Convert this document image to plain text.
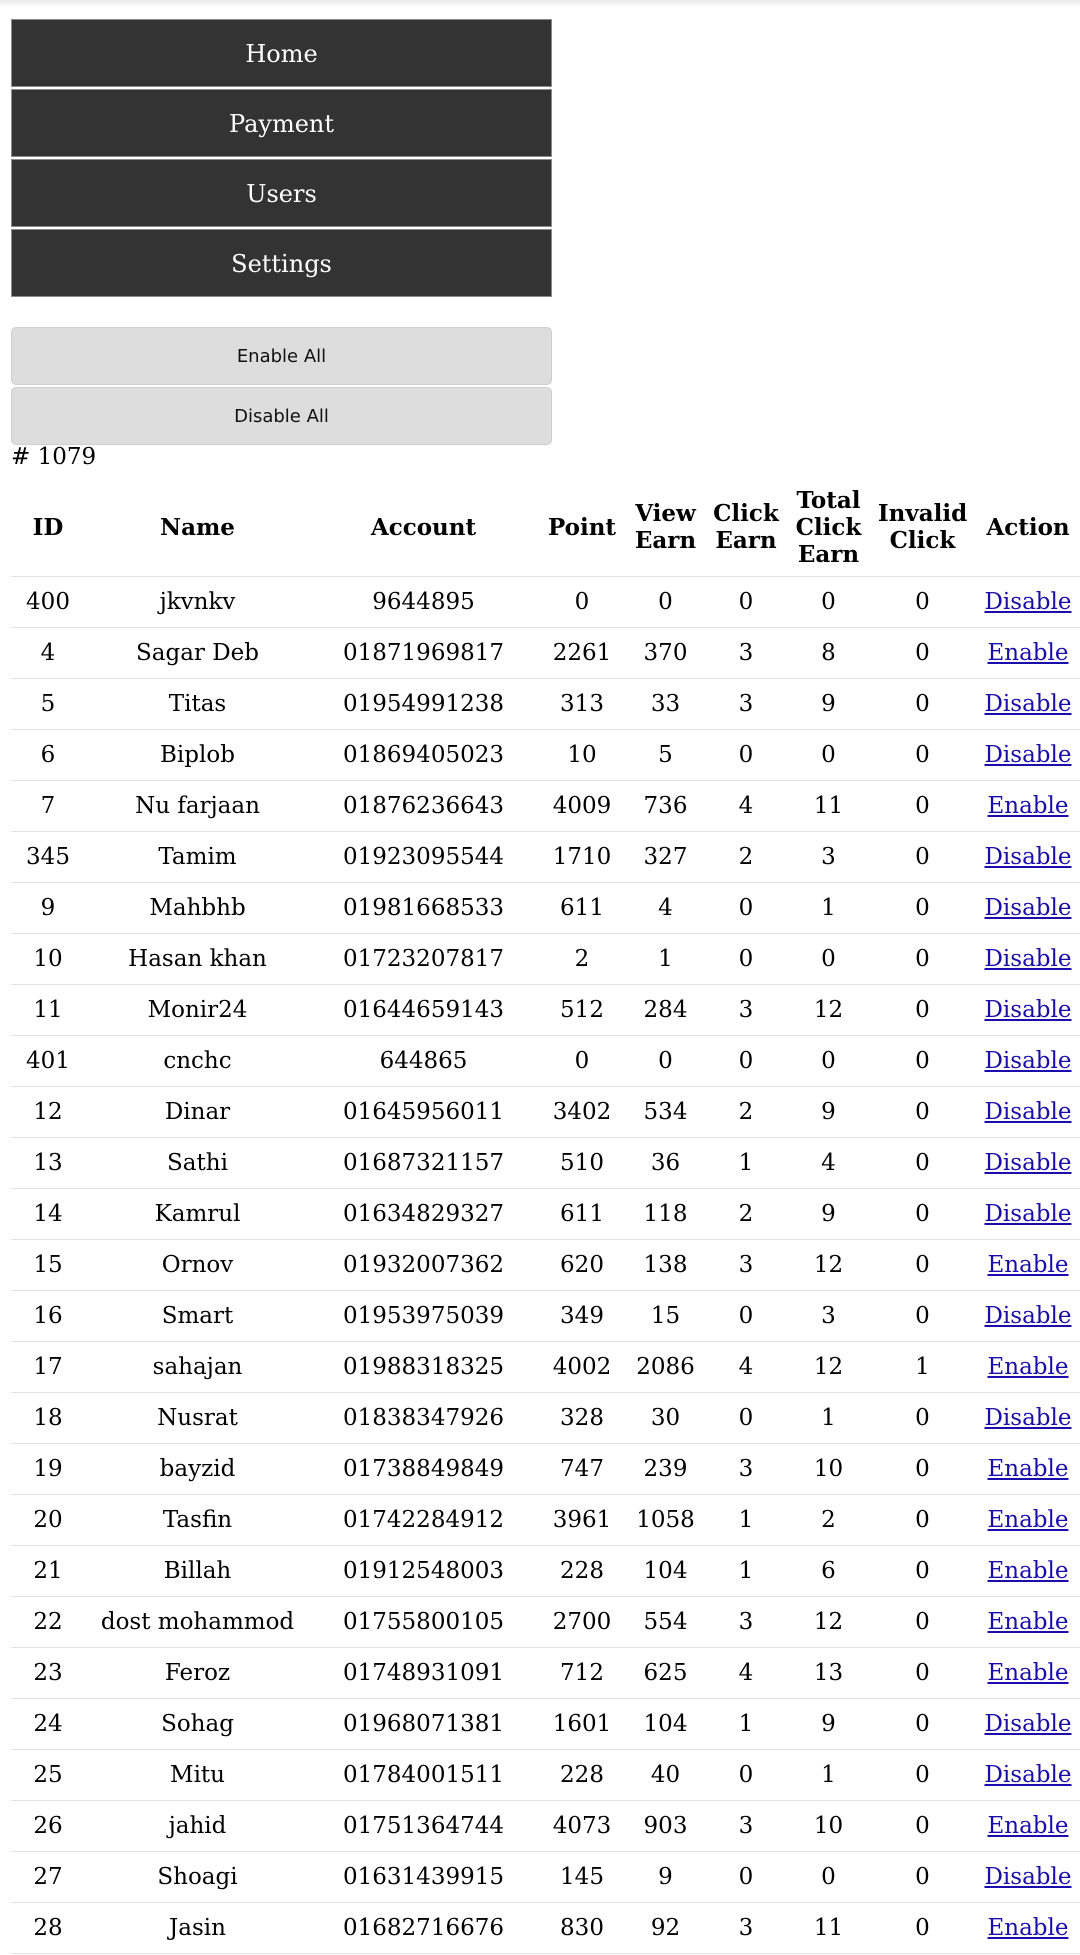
Home
Payment
Users
Settings
Enable All
Disable All
# 1079
ID	Name	Account	Point	View Earn	Click Earn	Total Click Earn	Invalid Click	Action
400	jkvnkv	9644895	0	0	0	0	0	Disable
4	Sagar Deb	01871969817	2261	370	3	8	0	Enable
5	Titas	01954991238	313	33	3	9	0	Disable
6	Biplob	01869405023	10	5	0	0	0	Disable
7	Nu farjaan	01876236643	4009	736	4	11	0	Enable
345	Tamim	01923095544	1710	327	2	3	0	Disable
9	Mahbhb	01981668533	611	4	0	1	0	Disable
10	Hasan khan	01723207817	2	1	0	0	0	Disable
11	Monir24	01644659143	512	284	3	12	0	Disable
401	cnchc	644865	0	0	0	0	0	Disable
12	Dinar	01645956011	3402	534	2	9	0	Disable
13	Sathi	01687321157	510	36	1	4	0	Disable
14	Kamrul	01634829327	611	118	2	9	0	Disable
15	Ornov	01932007362	620	138	3	12	0	Enable
16	Smart	01953975039	349	15	0	3	0	Disable
17	sahajan	01988318325	4002	2086	4	12	1	Enable
18	Nusrat	01838347926	328	30	0	1	0	Disable
19	bayzid	01738849849	747	239	3	10	0	Enable
20	Tasfin	01742284912	3961	1058	1	2	0	Enable
21	Billah	01912548003	228	104	1	6	0	Enable
22	dost mohammod	01755800105	2700	554	3	12	0	Enable
23	Feroz	01748931091	712	625	4	13	0	Enable
24	Sohag	01968071381	1601	104	1	9	0	Disable
25	Mitu	01784001511	228	40	0	1	0	Disable
26	jahid	01751364744	4073	903	3	10	0	Enable
27	Shoagi	01631439915	145	9	0	0	0	Disable
28	Jasin	01682716676	830	92	3	11	0	Enable
